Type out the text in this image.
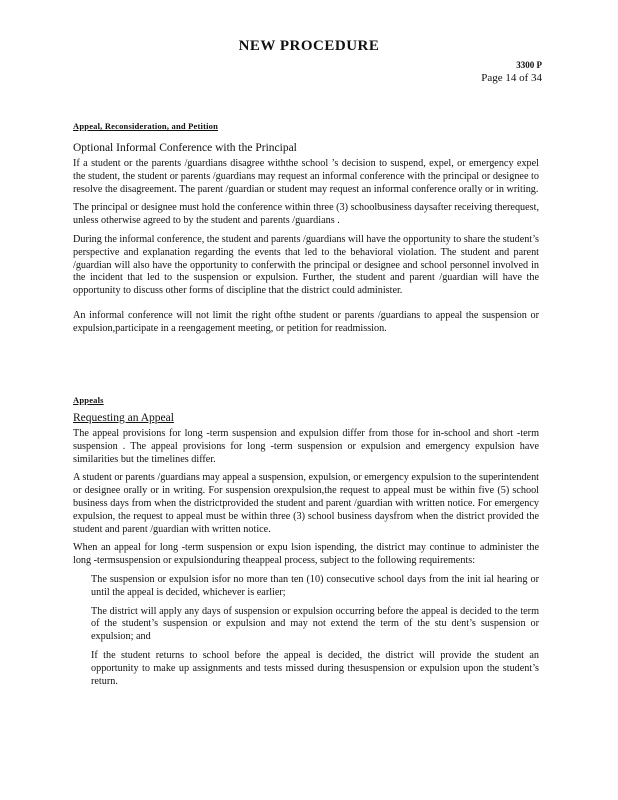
NEW PROCEDURE
3300 P
Page 14 of 34
Appeal, Reconsideration, and Petition
Optional Informal Conference with the Principal

If a student or the parents /guardians disagree withthe school ’s decision to suspend, expel, or emergency expel the student, the student or parents /guardians may request an informal conference with the principal or designee to resolve the disagreement. The parent /guardian or student may request an informal conference orally or in writing.

The principal or designee must hold the conference within three (3) schoolbusiness daysafter receiving therequest, unless otherwise agreed to by the student and parents /guardians .

During the informal conference, the student and parents /guardians will have the opportunity to share the student’s perspective and explanation regarding the events that led to the behavioral violation. The student and parent /guardian will also have the opportunity to conferwith the principal or designee and school personnel involved in the incident that led to the suspension or expulsion. Further, the student and parent /guardian will have the opportunity to discuss other forms of discipline that the district could administer.

An informal conference will not limit the right ofthe student or parents /guardians to appeal the suspension or expulsion,participate in a reengagement meeting, or petition for readmission.

Appeals
Requesting an Appeal

The appeal provisions for long -term suspension and expulsion differ from those for in-school and short -term suspension . The appeal provisions for long -term suspension or expulsion and emergency expulsion have similarities but the timelines differ.

A student or parents /guardians may appeal a suspension, expulsion, or emergency expulsion to the superintendent or designee orally or in writing. For suspension orexpulsion,the request to appeal must be within five (5) school business days from when the districtprovided the student and parent /guardian with written notice. For emergency expulsion, the request to appeal must be within three (3) school business daysfrom when the district provided the student and parent /guardian with written notice.

When an appeal for long -term suspension or expu lsion ispending, the district may continue to administer the long -termsuspension or expulsionduring theappeal process, subject to the following requirements:

The suspension or expulsion isfor no more than ten (10) consecutive school days from the init ial hearing or until the appeal is decided, whichever is earlier;
The district will apply any days of suspension or expulsion occurring before the appeal is decided to the term of the student’s suspension or expulsion and may not extend the term of the stu dent’s suspension or expulsion; and
If the student returns to school before the appeal is decided, the district will provide the student an opportunity to make up assignments and tests missed during thesuspension or expulsion upon the student’s return.
